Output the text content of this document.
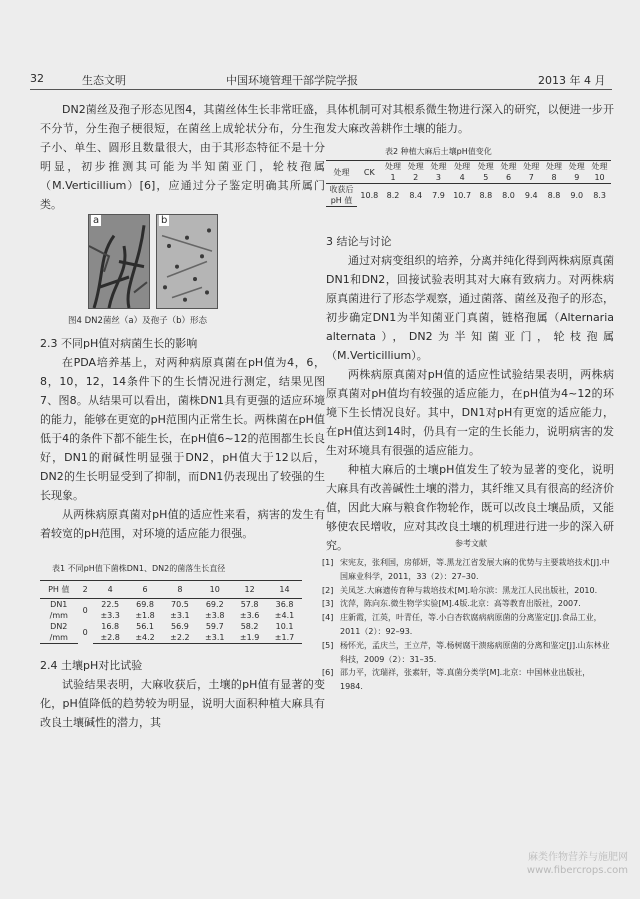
32	生态文明	中国环境管理干部学院学报	2013 年 4 月

DN2菌丝及孢子形态见图4，其菌丝体生长非常旺盛，不分节，分生孢子梗很短，在菌丝上成轮状分布，分生孢子小、单生、圆形且数量很大，由于其形态特征不是十分明显，初步推测其可能为半知菌亚门，轮枝孢属（M.Verticillium）[6]，应通过分子鉴定明确其所属门类。

a	b
图4 DN2菌丝（a）及孢子（b）形态

2.3 不同pH值对病菌生长的影响

在PDA培养基上，对两种病原真菌在pH值为4，6，8，10，12，14条件下的生长情况进行测定，结果见图7、图8。从结果可以看出，菌株DN1具有更强的适应环境的能力，能够在更宽的pH范围内正常生长。两株菌在pH值低于4的条件下都不能生长，在pH值6~12的范围都生长良好，DN1的耐碱性明显强于DN2，pH值大于12以后，DN2的生长明显受到了抑制，而DN1仍表现出了较强的生长现象。

从两株病原真菌对pH值的适应性来看，病害的发生有着较宽的pH范围，对环境的适应能力很强。

表1 不同pH值下菌株DN1、DN2的菌落生长直径
PH 值	2	4	6	8	10	12	14
DN1	0	22.5	69.8	70.5	69.2	57.8	36.8
/mm		±3.3	±1.8	±3.1	±3.8	±3.6	±4.1
DN2	0	16.8	56.1	56.9	59.7	58.2	10.1
/mm		±2.8	±4.2	±2.2	±3.1	±1.9	±1.7

2.4 土壤pH对比试验

试验结果表明，大麻收获后，土壤的pH值有显著的变化，pH值降低的趋势较为明显，说明大面积种植大麻具有改良土壤碱性的潜力，其

具体机制可对其根系微生物进行深入的研究，以便进一步开发大麻改善耕作土壤的能力。

表2 种植大麻后土壤pH值变化
处理	CK	处理	处理	处理	处理	处理	处理	处理	处理	处理	处理
		1	2	3	4	5	6	7	8	9	10
收获后	10.8	8.2	8.4	7.9	10.7	8.8	8.0	9.4	8.8	9.0	8.3
pH 值											

3 结论与讨论

通过对病变组织的培养，分离并纯化得到两株病原真菌DN1和DN2，回接试验表明其对大麻有致病力。对两株病原真菌进行了形态学观察，通过菌落、菌丝及孢子的形态，初步确定DN1为半知菌亚门真菌，链格孢属（Alternaria alternata），DN2为半知菌亚门，轮枝孢属（M.Verticillium）。

两株病原真菌对pH值的适应性试验结果表明，两株病原真菌对pH值均有较强的适应能力，在pH值为4~12的环境下生长情况良好。其中，DN1对pH有更宽的适应能力，在pH值达到14时，仍具有一定的生长能力，说明病害的发生对环境具有很强的适应能力。

种植大麻后的土壤pH值发生了较为显著的变化，说明大麻具有改善碱性土壤的潜力，其纤维又具有很高的经济价值，因此大麻与粮食作物轮作，既可以改良土壤品质，又能够使农民增收，应对其改良土壤的机理进行进一步的深入研究。	参考文献
[1] 宋宪友，张利国，房郁妍，等.黑龙江省发展大麻的优势与主要栽培技术[J].中国麻业科学，2011，33（2）：27–30.
[2] 关凤芝.大麻遗传育种与栽培技术[M].哈尔滨：黑龙江人民出版社，2010.
[3] 沈萍，陈向东.微生物学实验[M].4版.北京：高等教育出版社，2007.
[4] 庄新霞，江英，叶青任，等.小白杏软腐病病原菌的分离鉴定[J].食品工业，2011（2）：92–93.
[5] 杨怀光，孟庆兰，王立芹，等.杨树腐干溃疡病原菌的分离和鉴定[J].山东林业科技，2009（2）：31–35.
[6] 邵力平，沈瑞祥，张素轩，等.真菌分类学[M].北京：中国林业出版社，1984.
麻类作物营养与施肥网
www.fibercrops.com
